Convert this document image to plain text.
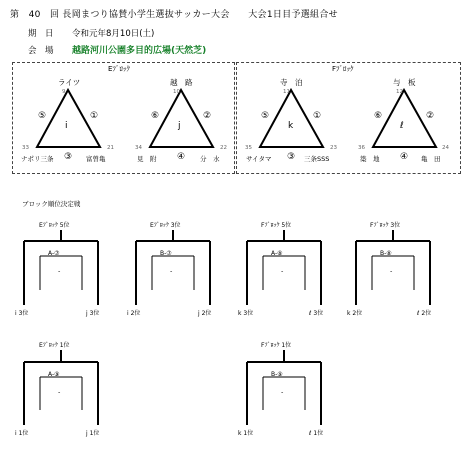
第　40　回 長岡まつり協賛小学生選抜サッカー大会　　大会1日目予選組合せ
期　日 令和元年8月10日(土)
会　場 越路河川公園多目的広場(天然芝)
Eﾌﾞﾛｯｸ	Fﾌﾞﾛｯｸ
ライツ
9
33	21
⑤	①
i
③
ナポリ三条	富曽亀
越　路
10
34	22
⑥	②
j
④
見　附	分　水
寺　泊
11
35	23
⑤	①
k
③
サイタマ	三条SSS
与　板
12
36	24
⑥	②
ℓ
④
築　地	亀　田
ブロック順位決定戦
Eﾌﾞﾛｯｸ 5位
A-⑦
-
i 3位	j 3位
Eﾌﾞﾛｯｸ 3位
B-⑦
-
i 2位	j 2位
Fﾌﾞﾛｯｸ 5位
A-⑧
-
k 3位	ℓ 3位
Fﾌﾞﾛｯｸ 3位
B-⑧
-
k 2位	ℓ 2位
Eﾌﾞﾛｯｸ 1位
A-⑨
-
i 1位	j 1位
Fﾌﾞﾛｯｸ 1位
B-⑨
-
k 1位	ℓ 1位
